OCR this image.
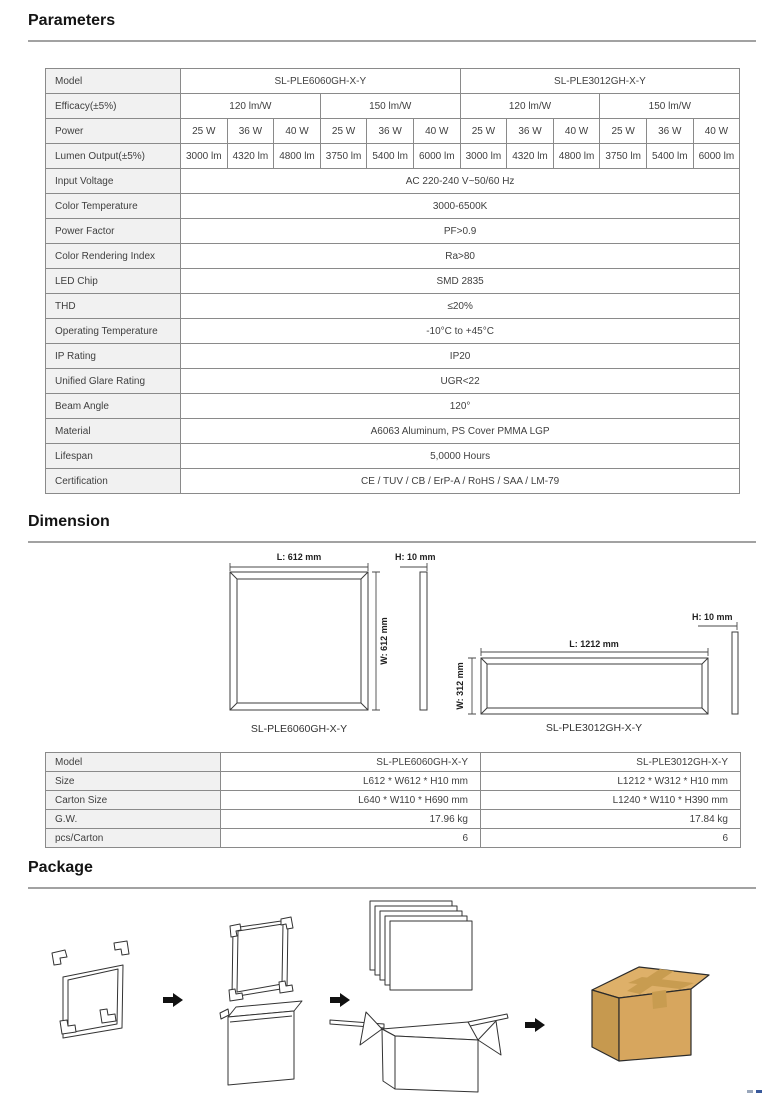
Parameters
Model	SL-PLE6060GH-X-Y						SL-PLE3012GH-X-Y					
Efficacy(±5%)	120 lm/W			150 lm/W			120 lm/W			150 lm/W		
Power	25 W	36 W	40 W	25 W	36 W	40 W	25 W	36 W	40 W	25 W	36 W	40 W
Lumen Output(±5%)	3000 lm	4320 lm	4800 lm	3750 lm	5400 lm	6000 lm	3000 lm	4320 lm	4800 lm	3750 lm	5400 lm	6000 lm
Input Voltage	AC 220-240 V~50/60 Hz											
Color Temperature	3000-6500K											
Power Factor	PF>0.9											
Color Rendering Index	Ra>80											
LED Chip	SMD 2835											
THD	≤20%											
Operating Temperature	-10°C to +45°C											
IP Rating	IP20											
Unified Glare Rating	UGR<22											
Beam Angle	120°											
Material	A6063 Aluminum, PS Cover PMMA LGP											
Lifespan	5,0000 Hours											
Certification	CE / TUV / CB / ErP-A / RoHS / SAA / LM-79											
Dimension
L: 612 mm
W: 612 mm
H: 10 mm
SL-PLE6060GH-X-Y
H: 10 mm
L: 1212 mm
W: 312 mm
SL-PLE3012GH-X-Y
Model	SL-PLE6060GH-X-Y	SL-PLE3012GH-X-Y
Size	L612 * W612 * H10 mm	L1212 * W312 * H10 mm
Carton Size	L640 * W110 * H690 mm	L1240 * W110 * H390 mm
G.W.	17.96 kg	17.84 kg
pcs/Carton	6	6
Package
